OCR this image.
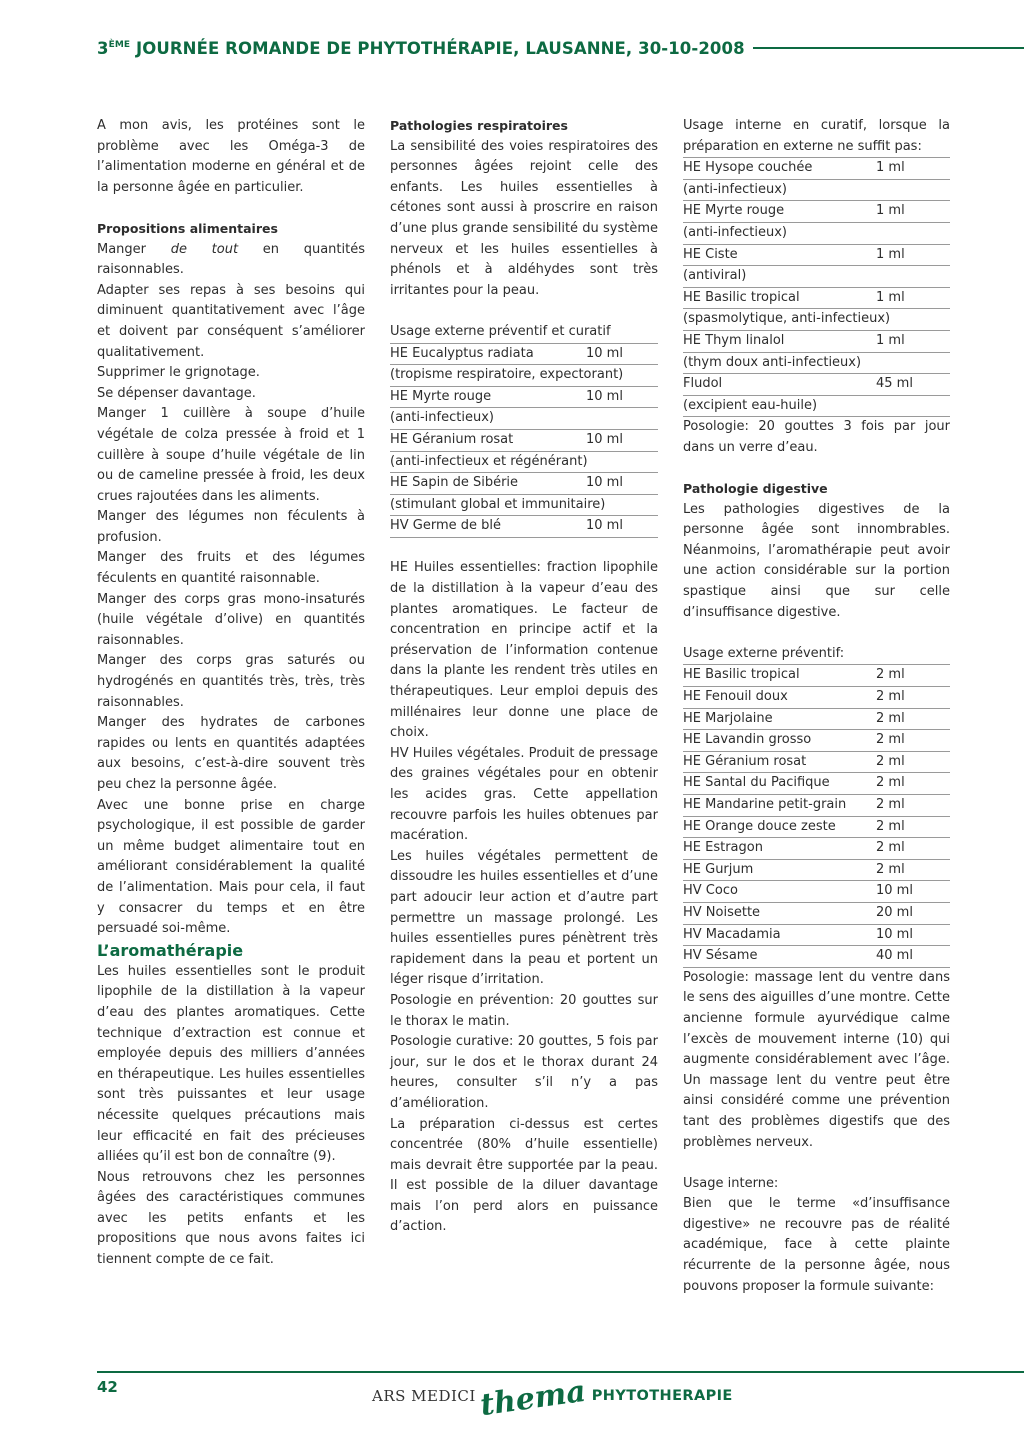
3ÈME JOURNÉE ROMANDE DE PHYTOTHÉRAPIE, LAUSANNE, 30-10-2008

A mon avis, les protéines sont le problème avec les Oméga-3 de l’alimentation moderne en général et de la personne âgée en particulier.

Propositions alimentaires

Manger de tout en quantités raisonnables.

Adapter ses repas à ses besoins qui diminuent quantitativement avec l’âge et doivent par conséquent s’améliorer qualitativement.

Supprimer le grignotage.

Se dépenser davantage.

Manger 1 cuillère à soupe d’huile végétale de colza pressée à froid et 1 cuillère à soupe d’huile végétale de lin ou de cameline pressée à froid, les deux crues rajoutées dans les aliments.

Manger des légumes non féculents à profusion.

Manger des fruits et des légumes féculents en quantité raisonnable.

Manger des corps gras mono-insaturés (huile végétale d’olive) en quantités raisonnables.

Manger des corps gras saturés ou hydrogénés en quantités très, très, très raisonnables.

Manger des hydrates de carbones rapides ou lents en quantités adaptées aux besoins, c’est-à-dire souvent très peu chez la personne âgée.

Avec une bonne prise en charge psychologique, il est possible de garder un même budget alimentaire tout en améliorant considérablement la qualité de l’alimentation. Mais pour cela, il faut y consacrer du temps et en être persuadé soi-même.

L’aromathérapie

Les huiles essentielles sont le produit lipophile de la distillation à la vapeur d’eau des plantes aromatiques. Cette technique d’extraction est connue et employée depuis des milliers d’années en thérapeutique. Les huiles essentielles sont très puissantes et leur usage nécessite quelques précautions mais leur efficacité en fait des précieuses alliées qu’il est bon de connaître (9).

Nous retrouvons chez les personnes âgées des caractéristiques communes avec les petits enfants et les propositions que nous avons faites ici tiennent compte de ce fait.

Pathologies respiratoires

La sensibilité des voies respiratoires des personnes âgées rejoint celle des enfants. Les huiles essentielles à cétones sont aussi à proscrire en raison d’une plus grande sensibilité du système nerveux et les huiles essentielles à phénols et à aldéhydes sont très irritantes pour la peau.

Usage externe préventif et curatif
HE Eucalyptus radiata	10 ml
(tropisme respiratoire, expectorant)
HE Myrte rouge	10 ml
(anti-infectieux)
HE Géranium rosat	10 ml
(anti-infectieux et régénérant)
HE Sapin de Sibérie	10 ml
(stimulant global et immunitaire)
HV Germe de blé	10 ml

HE Huiles essentielles: fraction lipophile de la distillation à la vapeur d’eau des plantes aromatiques. Le facteur de concentration en principe actif et la préservation de l’information contenue dans la plante les rendent très utiles en thérapeutiques. Leur emploi depuis des millénaires leur donne une place de choix.

HV Huiles végétales. Produit de pressage des graines végétales pour en obtenir les acides gras. Cette appellation recouvre parfois les huiles obtenues par macération.

Les huiles végétales permettent de dissoudre les huiles essentielles et d’une part adoucir leur action et d’autre part permettre un massage prolongé. Les huiles essentielles pures pénètrent très rapidement dans la peau et portent un léger risque d’irritation.

Posologie en prévention: 20 gouttes sur le thorax le matin.

Posologie curative: 20 gouttes, 5 fois par jour, sur le dos et le thorax durant 24 heures, consulter s’il n’y a pas d’amélioration.

La préparation ci-dessus est certes concentrée (80% d’huile essentielle) mais devrait être supportée par la peau. Il est possible de la diluer davantage mais l’on perd alors en puissance d’action.

Usage interne en curatif, lorsque la préparation en externe ne suffit pas:

HE Hysope couchée	1 ml
(anti-infectieux)
HE Myrte rouge	1 ml
(anti-infectieux)
HE Ciste	1 ml
(antiviral)
HE Basilic tropical	1 ml
(spasmolytique, anti-infectieux)
HE Thym linalol	1 ml
(thym doux anti-infectieux)
Fludol	45 ml
(excipient eau-huile)

Posologie: 20 gouttes 3 fois par jour dans un verre d’eau.

Pathologie digestive

Les pathologies digestives de la personne âgée sont innombrables. Néanmoins, l’aromathérapie peut avoir une action considérable sur la portion spastique ainsi que sur celle d’insuffisance digestive.

Usage externe préventif:
HE Basilic tropical	2 ml
HE Fenouil doux	2 ml
HE Marjolaine	2 ml
HE Lavandin grosso	2 ml
HE Géranium rosat	2 ml
HE Santal du Pacifique	2 ml
HE Mandarine petit-grain 2 ml
HE Orange douce zeste	2 ml
HE Estragon	2 ml
HE Gurjum	2 ml
HV Coco	10 ml
HV Noisette	20 ml
HV Macadamia	10 ml
HV Sésame	40 ml

Posologie: massage lent du ventre dans le sens des aiguilles d’une montre. Cette ancienne formule ayurvédique calme l’excès de mouvement interne (10) qui augmente considérablement avec l’âge. Un massage lent du ventre peut être ainsi considéré comme une prévention tant des problèmes digestifs que des problèmes nerveux.

Usage interne:

Bien que le terme «d’insuffisance digestive» ne recouvre pas de réalité académique, face à cette plainte récurrente de la personne âgée, nous pouvons proposer la formule suivante:

42	ARS MEDICI thema PHYTOTHERAPIE
